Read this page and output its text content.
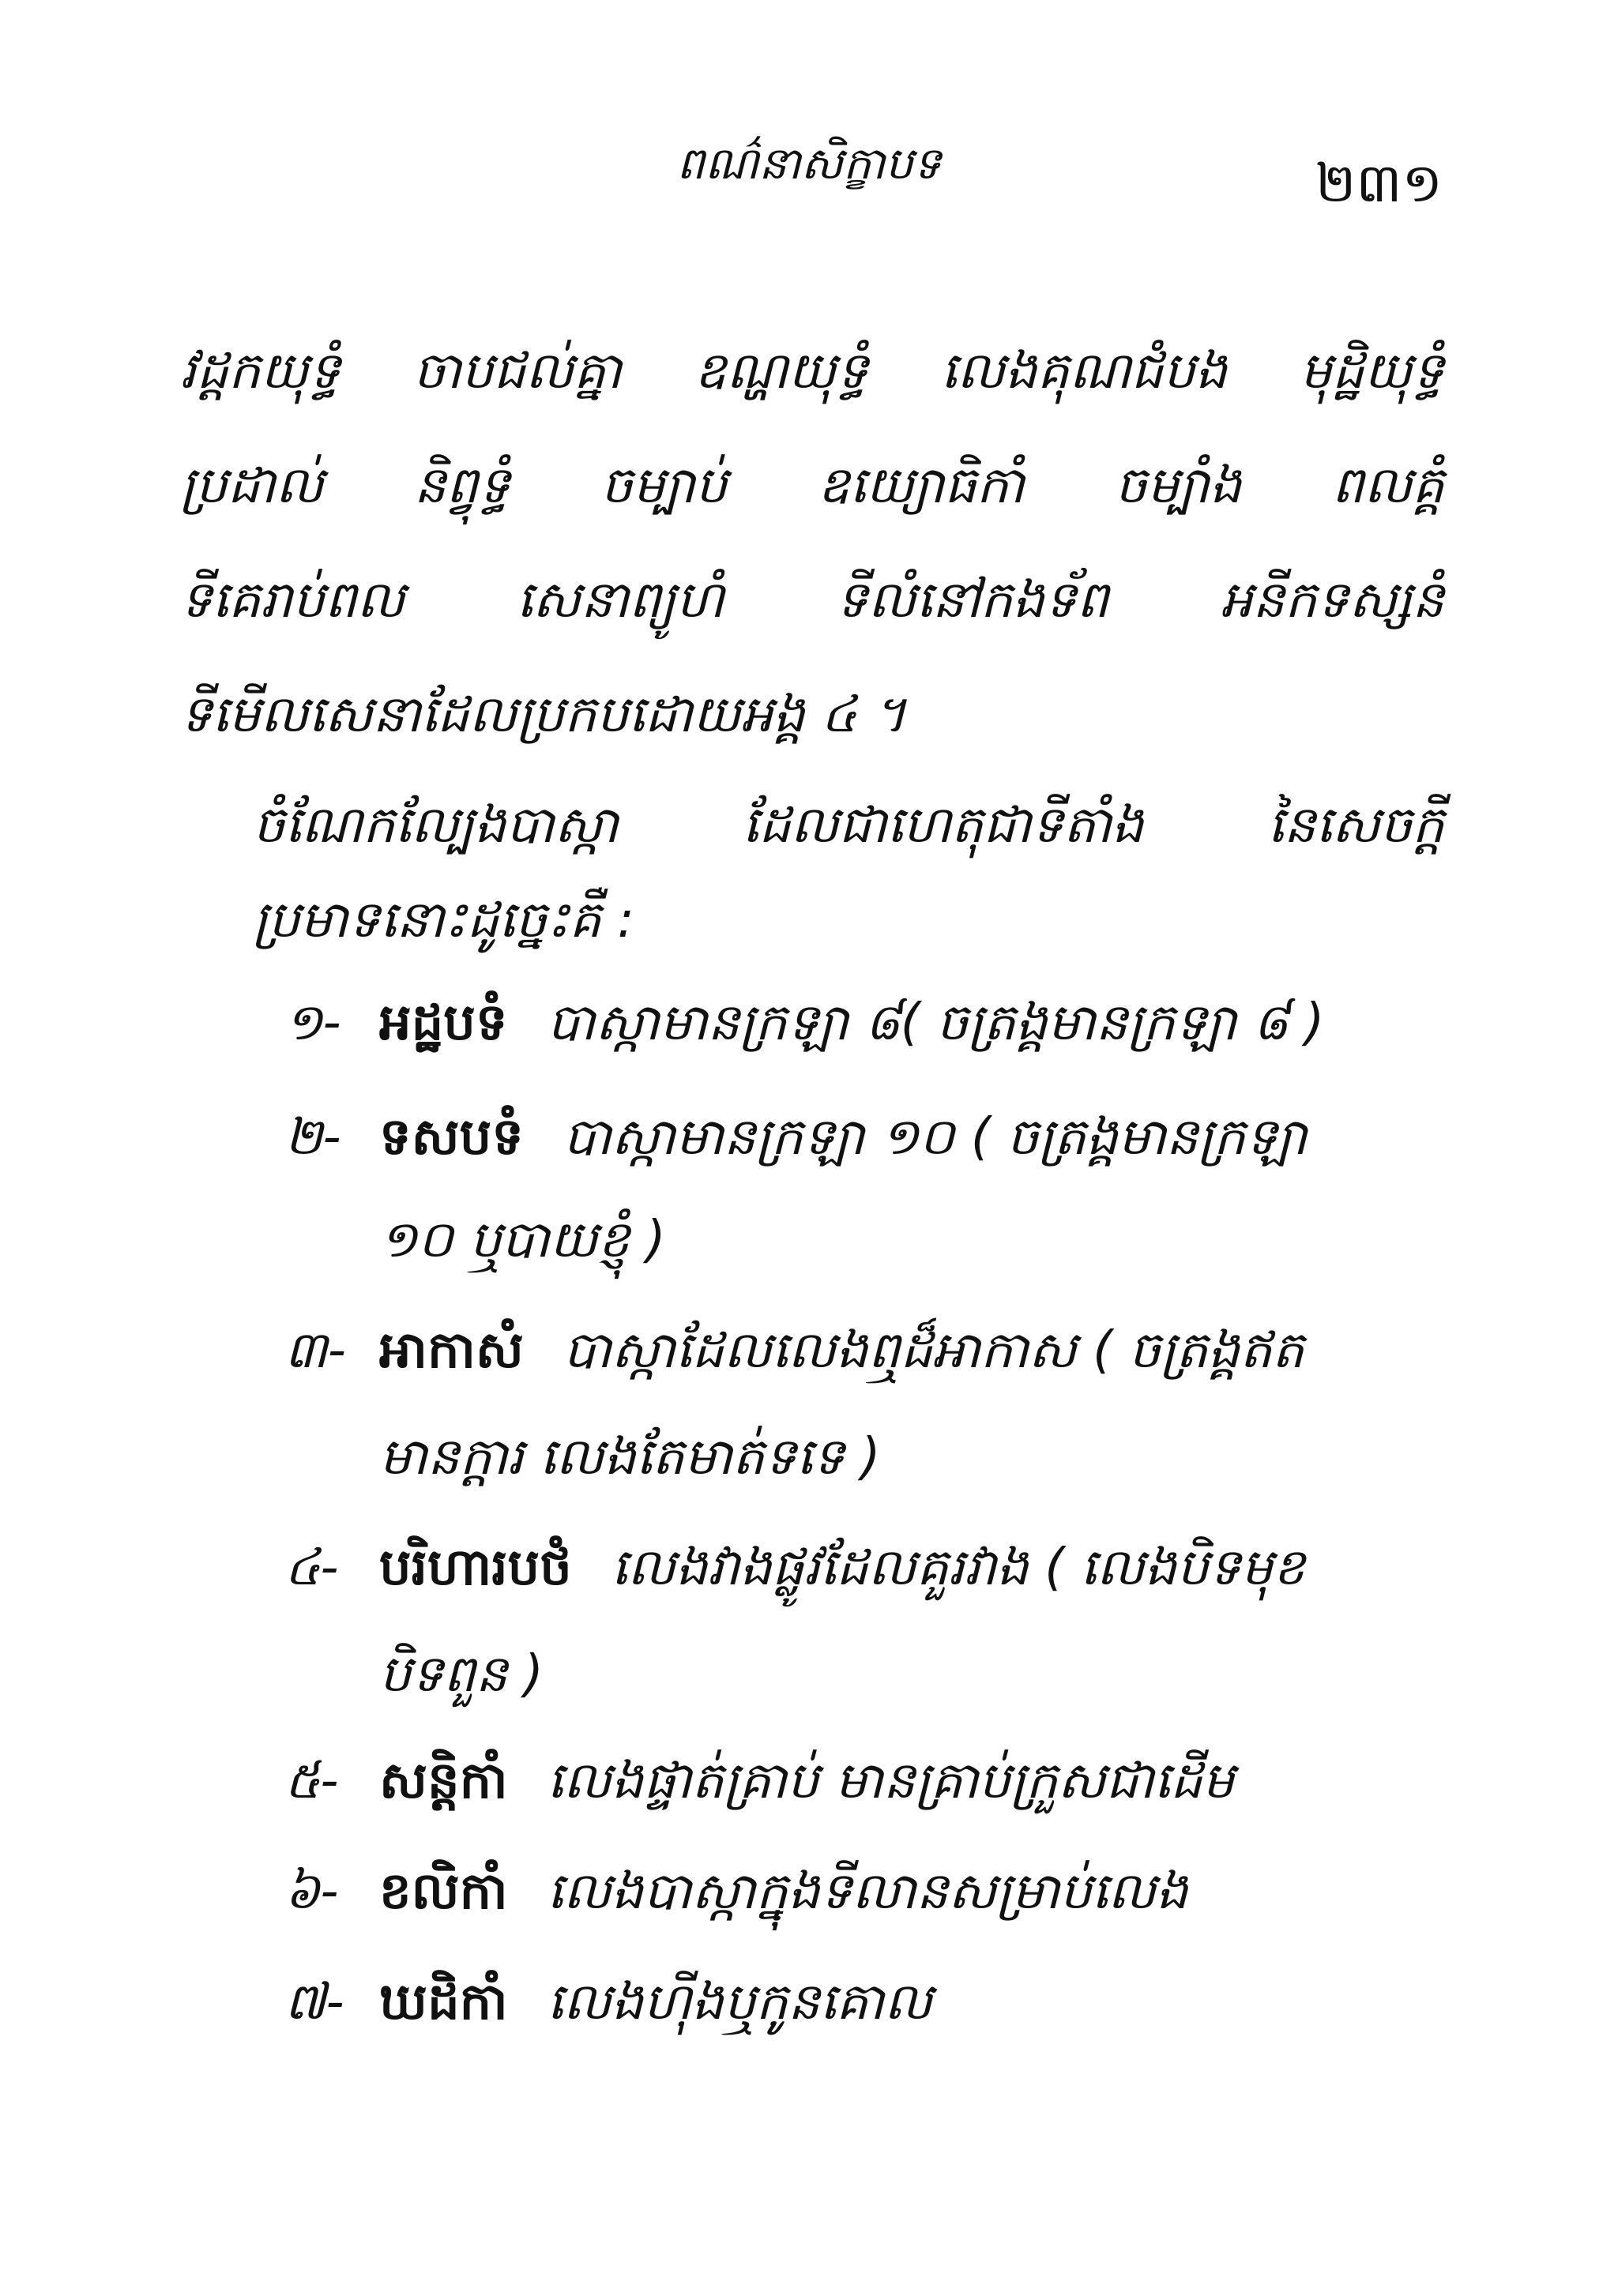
ពណ៌នាសិក្ខាបទ	២៣១
វដ្តកយុទ្ធំ ចាបជល់គ្នា ឧណ្ហយុទ្ធំ លេងគុណជំបង មុដ្ឋិយុទ្ធំ
ប្រដាល់ និព្វុទ្ធំ ចម្បាប់ ឧយ្យោធិកាំ ចម្បាំង ពលគ្គំ
ទីគេរាប់ពល សេនាព្យូហំ ទីលំនៅកងទ័ព អនីកទស្សនំ
ទីមើលសេនាដែលប្រកបដោយអង្គ ៤ ។
ចំណែកល្បែងបាស្កា ដែលជាហេតុជាទីតាំង នៃសេចក្តី
ប្រមាទនោះដូច្នេះគឺ :
១- អដ្ឋបទំ បាស្កាមានក្រឡា ៨( ចត្រង្គមានក្រឡា ៨ )
២- ទសបទំ បាស្កាមានក្រឡា ១០ ( ចត្រង្គមានក្រឡា
១០ ឬបាយខ្ញុំ )
៣- អាកាសំ បាស្កាដែលលេងឮដ៏អាកាស ( ចត្រង្គឥត
មានក្តារ លេងតែមាត់ទទេ )
៤- បរិហារបថំ លេងវាងផ្លូវដែលគួរវាង ( លេងបិទមុខ
បិទពួន )
៥- សន្តិកាំ លេងផ្ទាត់គ្រាប់ មានគ្រាប់ក្រួសជាដើម
៦- ខលិកាំ លេងបាស្កាក្នុងទីលានសម្រាប់លេង
៧- ឃដិកាំ លេងហ៊ីងឬកូនគោល
